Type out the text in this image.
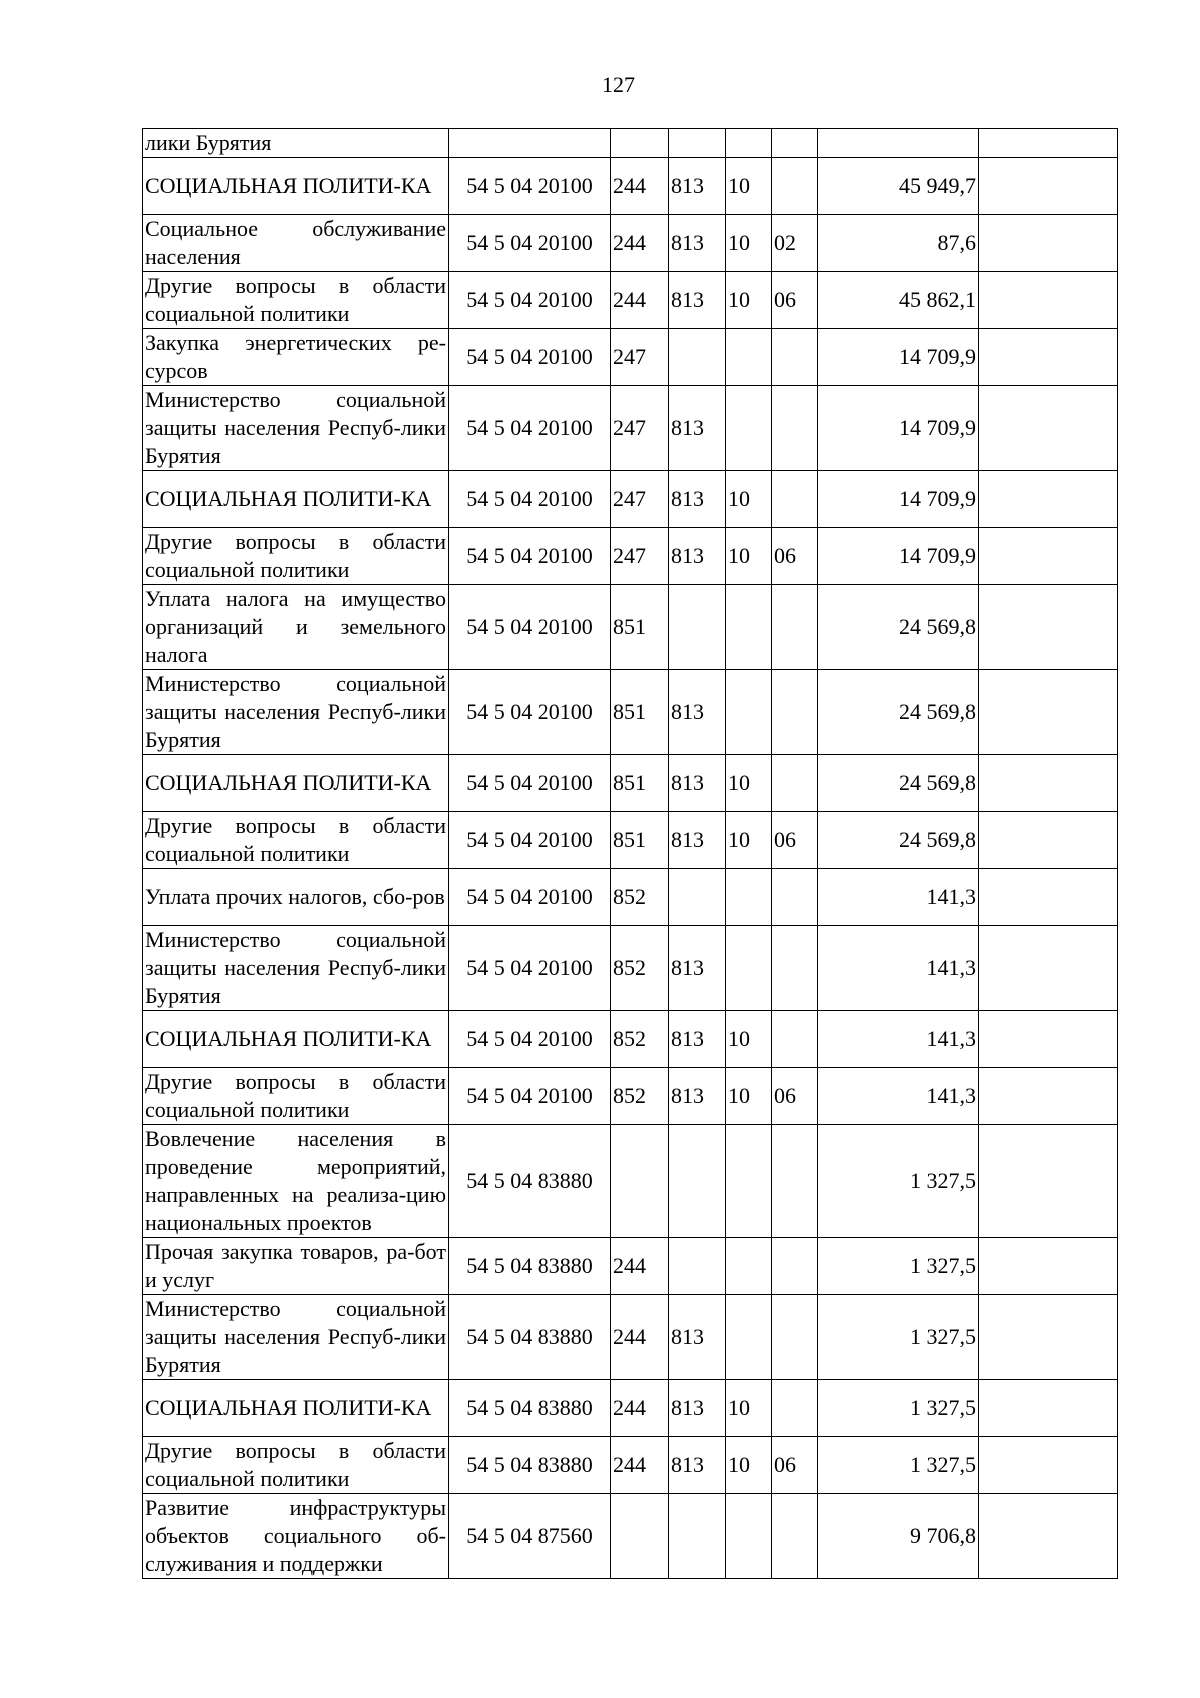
127
лики Бурятия							
СОЦИАЛЬНАЯ ПОЛИТИ-КА	54 5 04 20100	244	813	10		45 949,7	
Социальное обслуживание населения	54 5 04 20100	244	813	10	02	87,6	
Другие вопросы в области социальной политики	54 5 04 20100	244	813	10	06	45 862,1	
Закупка энергетических ре-сурсов	54 5 04 20100	247				14 709,9	
Министерство социальной защиты населения Респуб-лики Бурятия	54 5 04 20100	247	813			14 709,9	
СОЦИАЛЬНАЯ ПОЛИТИ-КА	54 5 04 20100	247	813	10		14 709,9	
Другие вопросы в области социальной политики	54 5 04 20100	247	813	10	06	14 709,9	
Уплата налога на имущество организаций и земельного налога	54 5 04 20100	851				24 569,8	
Министерство социальной защиты населения Респуб-лики Бурятия	54 5 04 20100	851	813			24 569,8	
СОЦИАЛЬНАЯ ПОЛИТИ-КА	54 5 04 20100	851	813	10		24 569,8	
Другие вопросы в области социальной политики	54 5 04 20100	851	813	10	06	24 569,8	
Уплата прочих налогов, сбо-ров	54 5 04 20100	852				141,3	
Министерство социальной защиты населения Респуб-лики Бурятия	54 5 04 20100	852	813			141,3	
СОЦИАЛЬНАЯ ПОЛИТИ-КА	54 5 04 20100	852	813	10		141,3	
Другие вопросы в области социальной политики	54 5 04 20100	852	813	10	06	141,3	
Вовлечение населения в проведение мероприятий, направленных на реализа-цию национальных проектов	54 5 04 83880					1 327,5	
Прочая закупка товаров, ра-бот и услуг	54 5 04 83880	244				1 327,5	
Министерство социальной защиты населения Респуб-лики Бурятия	54 5 04 83880	244	813			1 327,5	
СОЦИАЛЬНАЯ ПОЛИТИ-КА	54 5 04 83880	244	813	10		1 327,5	
Другие вопросы в области социальной политики	54 5 04 83880	244	813	10	06	1 327,5	
Развитие инфраструктуры объектов социального об-служивания и поддержки	54 5 04 87560					9 706,8	
